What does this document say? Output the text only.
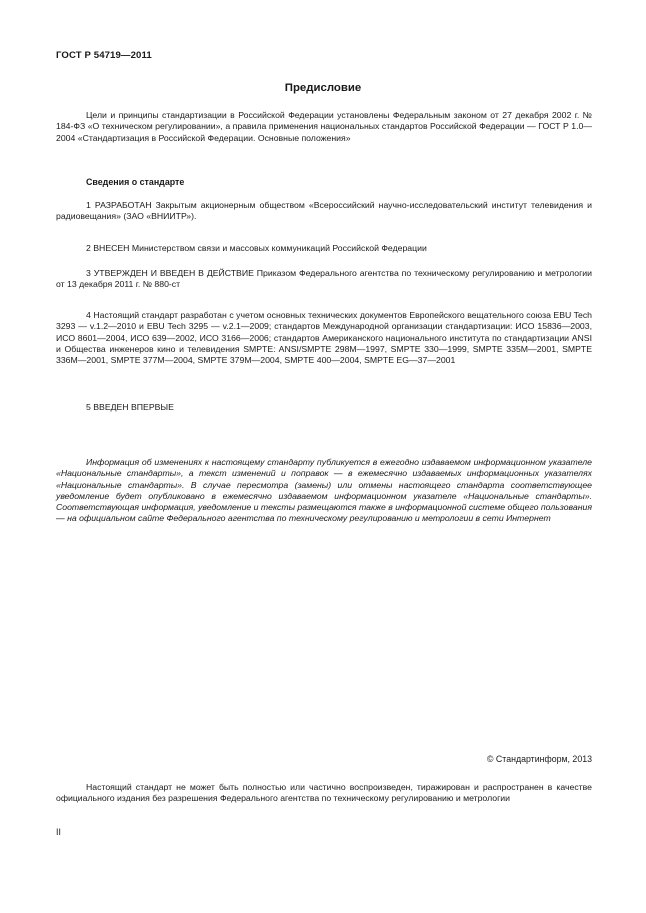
ГОСТ Р 54719—2011
Предисловие

Цели и принципы стандартизации в Российской Федерации установлены Федеральным законом от 27 декабря 2002 г. № 184-ФЗ «О техническом регулировании», а правила применения национальных стандартов Российской Федерации — ГОСТ Р 1.0—2004 «Стандартизация в Российской Федерации. Основные положения»

Сведения о стандарте

1 РАЗРАБОТАН Закрытым акционерным обществом «Всероссийский научно-исследовательский институт телевидения и радиовещания» (ЗАО «ВНИИТР»).

2 ВНЕСЕН Министерством связи и массовых коммуникаций Российской Федерации

3 УТВЕРЖДЕН И ВВЕДЕН В ДЕЙСТВИЕ Приказом Федерального агентства по техническому регулированию и метрологии от 13 декабря 2011 г. № 880-ст

4 Настоящий стандарт разработан с учетом основных технических документов Европейского вещательного союза EBU Tech 3293 — v.1.2—2010 и EBU Tech 3295 — v.2.1—2009; стандартов Международной организации стандартизации: ИСО 15836—2003, ИСО 8601—2004, ИСО 639—2002, ИСО 3166—2006; стандартов Американского национального института по стандартизации ANSI и Общества инженеров кино и телевидения SMPTE: ANSI/SMPTE 298M—1997, SMPTE 330—1999, SMPTE 335M—2001, SMPTE 336M—2001, SMPTE 377M—2004, SMPTE 379M—2004, SMPTE 400—2004, SMPTE EG—37—2001

5 ВВЕДЕН ВПЕРВЫЕ

Информация об изменениях к настоящему стандарту публикуется в ежегодно издаваемом информационном указателе «Национальные стандарты», а текст изменений и поправок — в ежемесячно издаваемых информационных указателях «Национальные стандарты». В случае пересмотра (замены) или отмены настоящего стандарта соответствующее уведомление будет опубликовано в ежемесячно издаваемом информационном указателе «Национальные стандарты». Соответствующая информация, уведомление и тексты размещаются также в информационной системе общего пользования — на официальном сайте Федерального агентства по техническому регулированию и метрологии в сети Интернет

© Стандартинформ, 2013

Настоящий стандарт не может быть полностью или частично воспроизведен, тиражирован и распространен в качестве официального издания без разрешения Федерального агентства по техническому регулированию и метрологии

II
